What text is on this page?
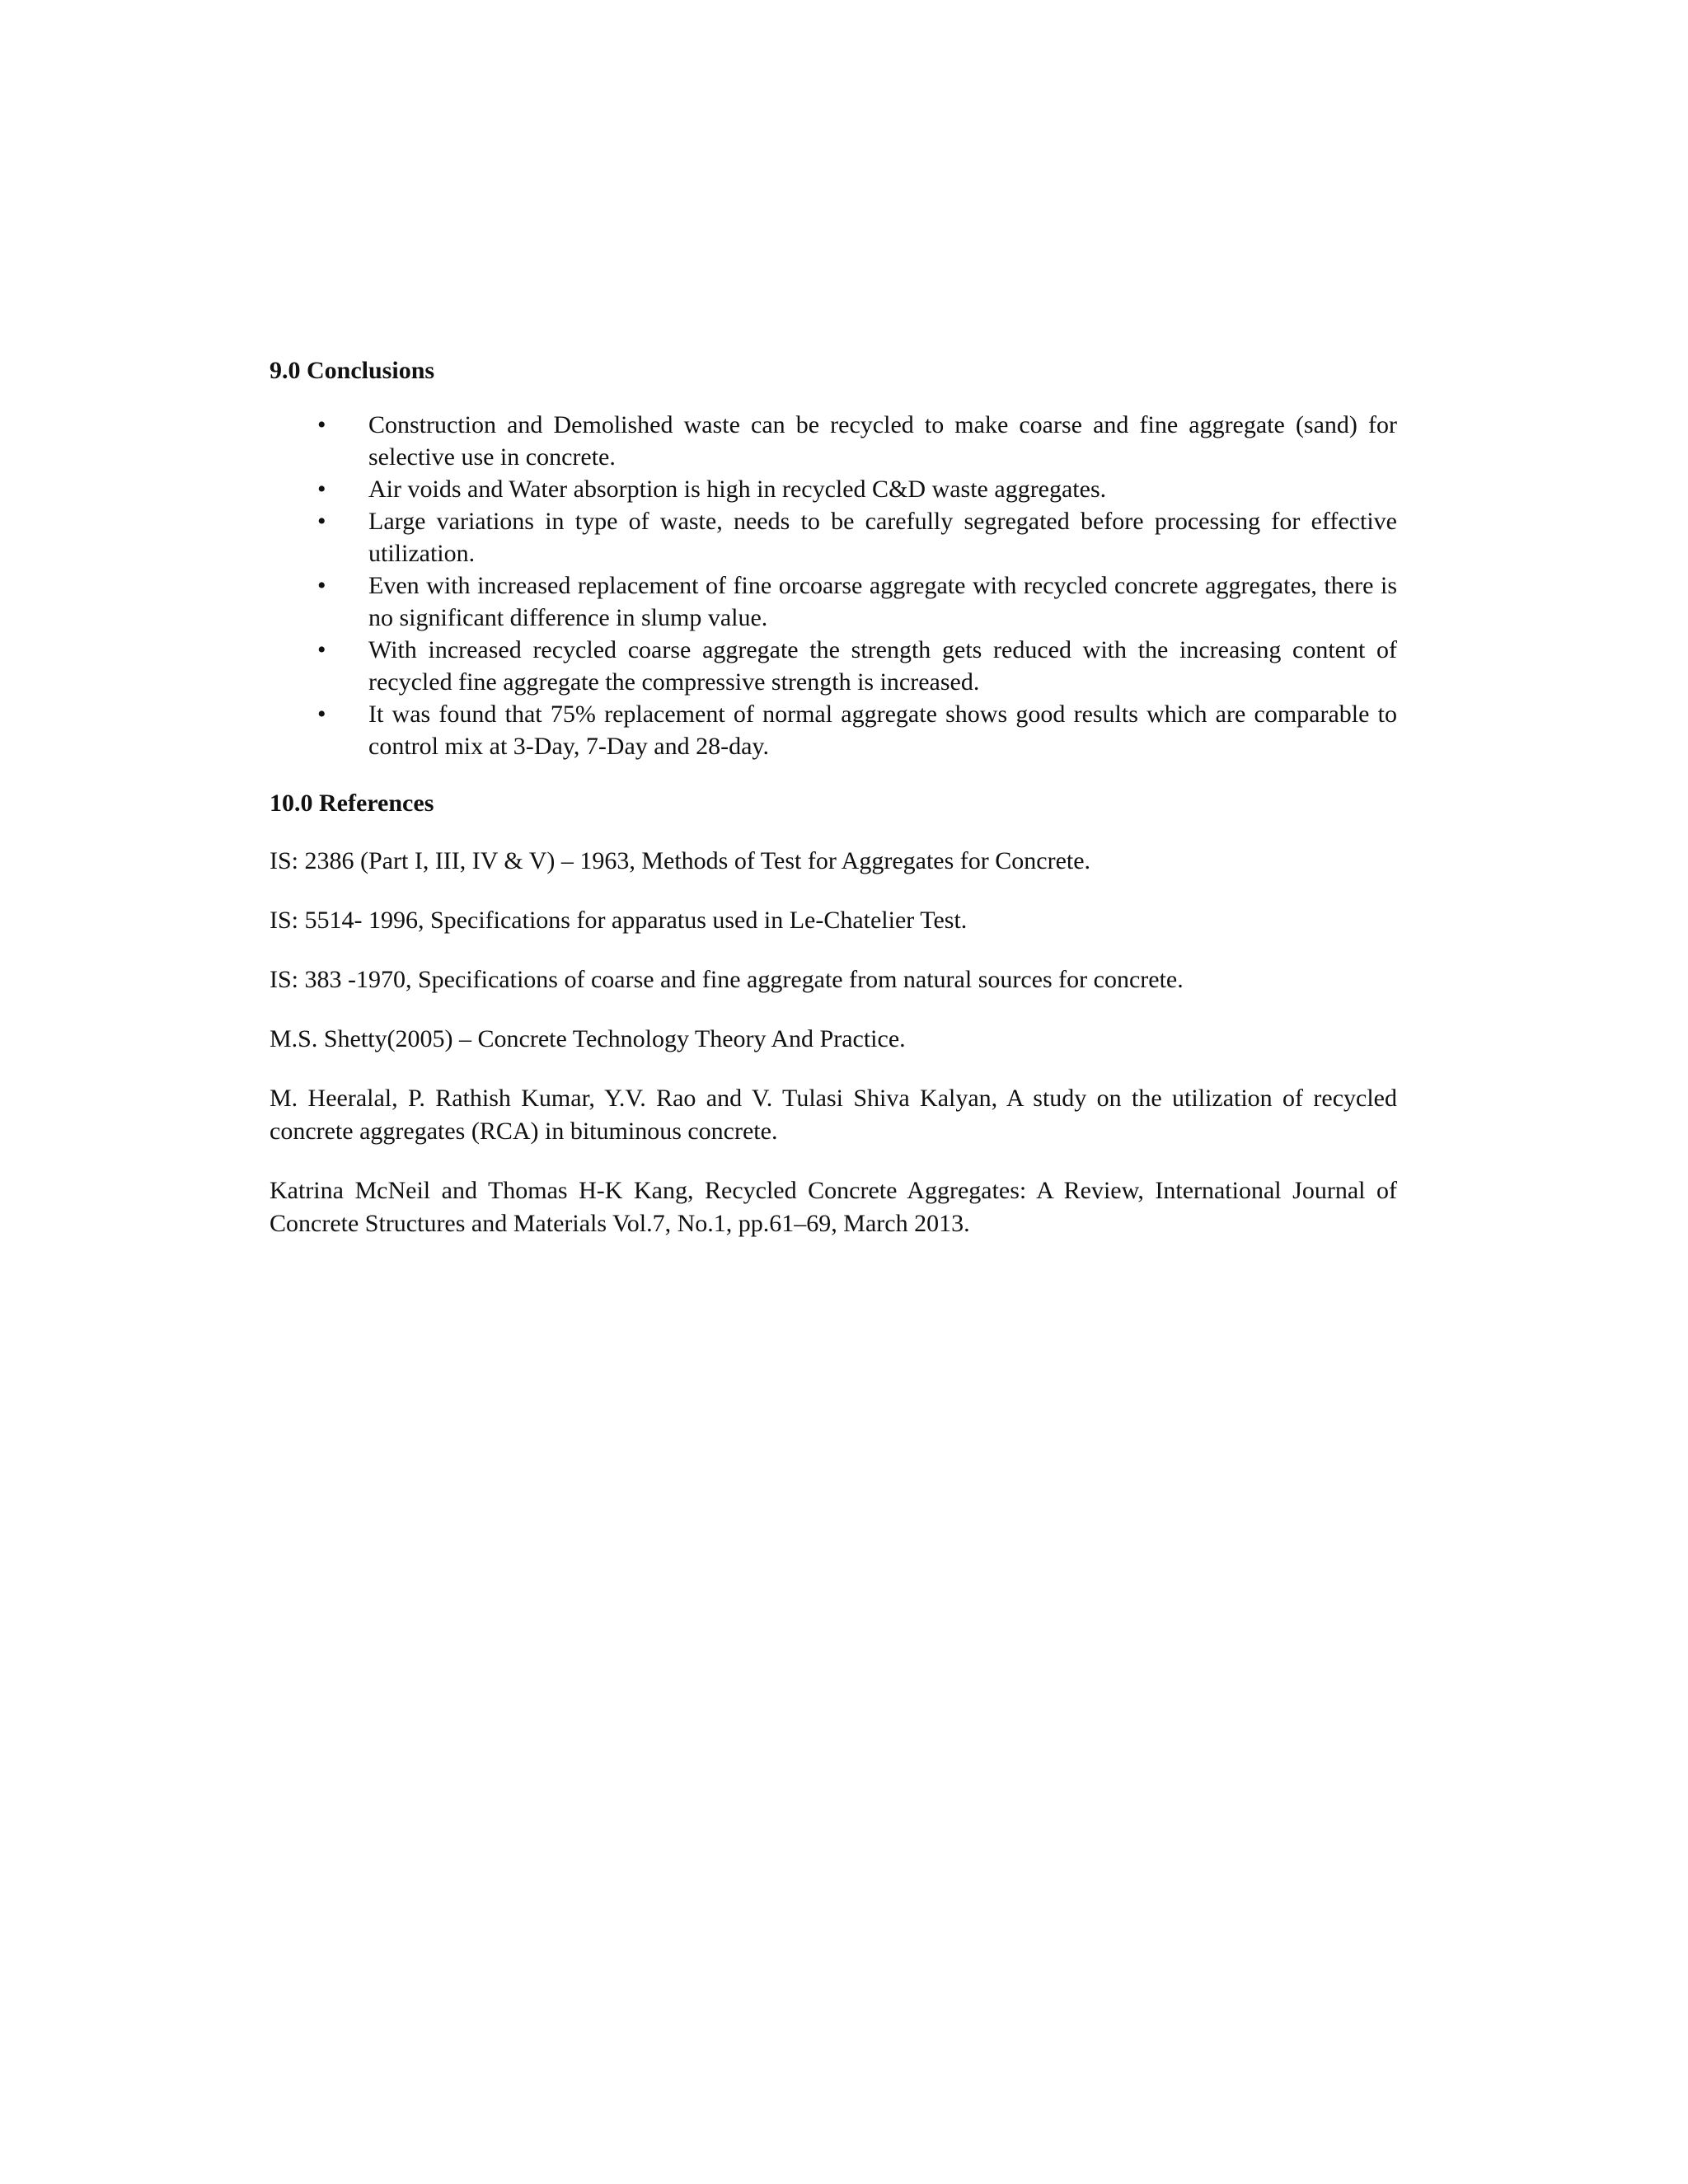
9.0 Conclusions
• Construction and Demolished waste can be recycled to make coarse and fine aggregate (sand) for selective use in concrete.
• Air voids and Water absorption is high in recycled C&D waste aggregates.
• Large variations in type of waste, needs to be carefully segregated before processing for effective utilization.
• Even with increased replacement of fine orcoarse aggregate with recycled concrete aggregates, there is no significant difference in slump value.
• With increased recycled coarse aggregate the strength gets reduced with the increasing content of recycled fine aggregate the compressive strength is increased.
• It was found that 75% replacement of normal aggregate shows good results which are comparable to control mix at 3-Day, 7-Day and 28-day.
10.0 References

IS: 2386 (Part I, III, IV & V) – 1963, Methods of Test for Aggregates for Concrete.

IS: 5514- 1996, Specifications for apparatus used in Le-Chatelier Test.

IS: 383 -1970, Specifications of coarse and fine aggregate from natural sources for concrete.

M.S. Shetty(2005) – Concrete Technology Theory And Practice.

M. Heeralal, P. Rathish Kumar, Y.V. Rao and V. Tulasi Shiva Kalyan, A study on the utilization of recycled concrete aggregates (RCA) in bituminous concrete.

Katrina McNeil and Thomas H-K Kang, Recycled Concrete Aggregates: A Review, International Journal of Concrete Structures and Materials Vol.7, No.1, pp.61–69, March 2013.
